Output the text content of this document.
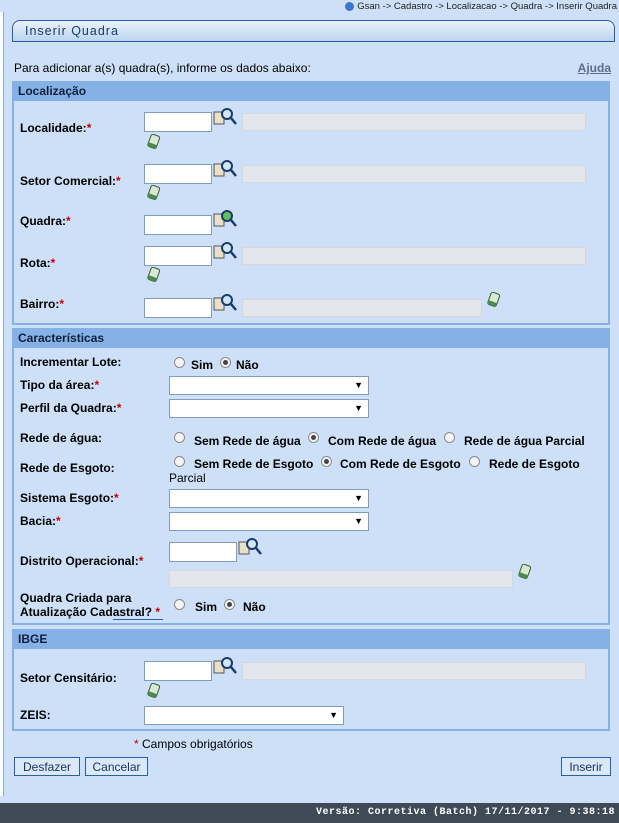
Gsan -> Cadastro -> Localizacao -> Quadra -> Inserir Quadra
Inserir Quadra
Para adicionar a(s) quadra(s), informe os dados abaixo:	Ajuda
Localização
Localidade:*
Setor Comercial:*
Quadra:*
Rota:*
Bairro:*
Características
Incrementar Lote:	Sim Não
Tipo da área:*	▼
Perfil da Quadra:*	▼
Rede de água:	Sem Rede de água Com Rede de água Rede de água Parcial
Rede de Esgoto:	Sem Rede de Esgoto Com Rede de Esgoto Rede de Esgoto
Parcial
Sistema Esgoto:*	▼
Bacia:*	▼
Distrito Operacional:*
Quadra Criada para
Atualização Cadastral? *	Sim Não
IBGE
Setor Censitário:
ZEIS:	▼
* Campos obrigatórios
Desfazer	Cancelar	Inserir
Versão: Corretiva (Batch) 17/11/2017 - 9:38:18
